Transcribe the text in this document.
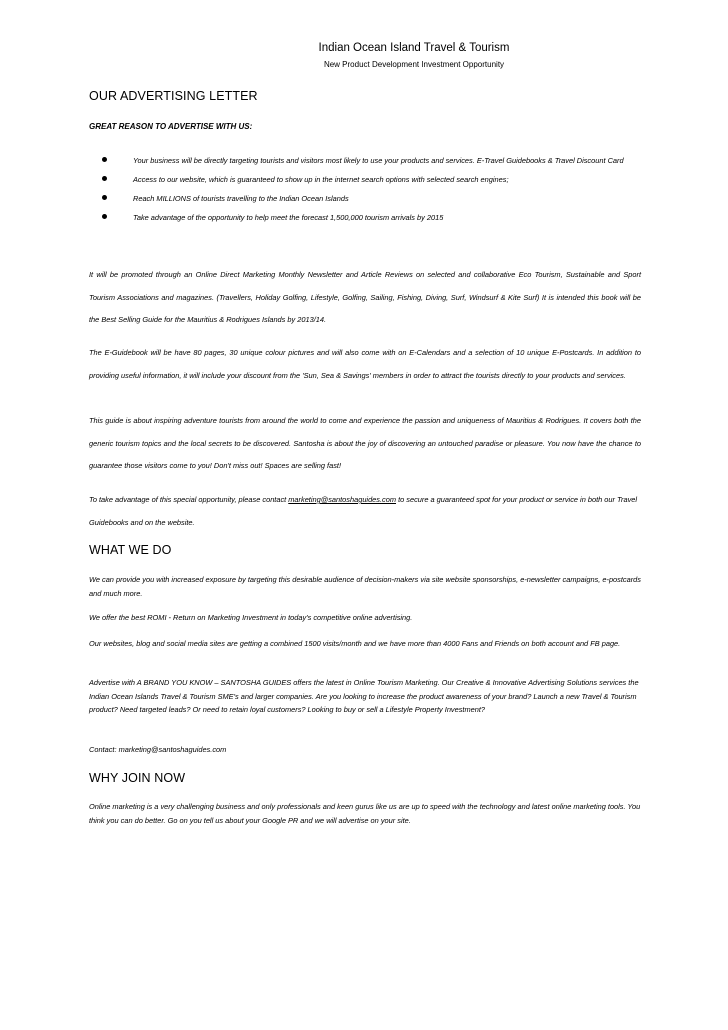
Indian Ocean Island Travel & Tourism
New Product Development Investment Opportunity
OUR ADVERTISING LETTER
GREAT REASON TO ADVERTISE WITH US:
Your business will be directly targeting tourists and visitors most likely to use your products and services. E-Travel Guidebooks & Travel Discount Card
Access to our website, which is guaranteed to show up in the internet search options with selected search engines;
Reach MILLIONS of tourists travelling to the Indian Ocean Islands
Take advantage of the opportunity to help meet the forecast 1,500,000 tourism arrivals by 2015
It will be promoted through an Online Direct Marketing Monthly Newsletter and Article Reviews on selected and collaborative Eco Tourism, Sustainable and Sport Tourism Associations and magazines. (Travellers, Holiday Golfing, Lifestyle, Golfing, Sailing, Fishing, Diving, Surf, Windsurf & Kite Surf) It is intended this book will be the Best Selling Guide for the Mauritius & Rodrigues Islands by 2013/14.
The E-Guidebook will be have 80 pages, 30 unique colour pictures and will also come with on E-Calendars and a selection of 10 unique E-Postcards. In addition to providing useful information, it will include your discount from the 'Sun, Sea & Savings' members in order to attract the tourists directly to your products and services.
This guide is about inspiring adventure tourists from around the world to come and experience the passion and uniqueness of Mauritius & Rodrigues. It covers both the generic tourism topics and the local secrets to be discovered. Santosha is about the joy of discovering an untouched paradise or pleasure. You now have the chance to guarantee those visitors come to you! Don't miss out! Spaces are selling fast!
To take advantage of this special opportunity, please contact marketing@santoshaguides.com to secure a guaranteed spot for your product or service in both our Travel Guidebooks and on the website.
WHAT WE DO
We can provide you with increased exposure by targeting this desirable audience of decision-makers via site website sponsorships, e-newsletter campaigns, e-postcards and much more.
We offer the best ROMI - Return on Marketing Investment in today's competitive online advertising.
Our websites, blog and social media sites are getting a combined 1500 visits/month and we have more than 4000 Fans and Friends on both account and FB page.
Advertise with A BRAND YOU KNOW – SANTOSHA GUIDES offers the latest in Online Tourism Marketing. Our Creative & Innovative Advertising Solutions services the Indian Ocean Islands Travel & Tourism SME's and larger companies. Are you looking to increase the product awareness of your brand? Launch a new Travel & Tourism product? Need targeted leads? Or need to retain loyal customers? Looking to buy or sell a Lifestyle Property Investment?
Contact: marketing@santoshaguides.com
WHY JOIN NOW
Online marketing is a very challenging business and only professionals and keen gurus like us are up to speed with the technology and latest online marketing tools. You think you can do better. Go on you tell us about your Google PR and we will advertise on your site.
